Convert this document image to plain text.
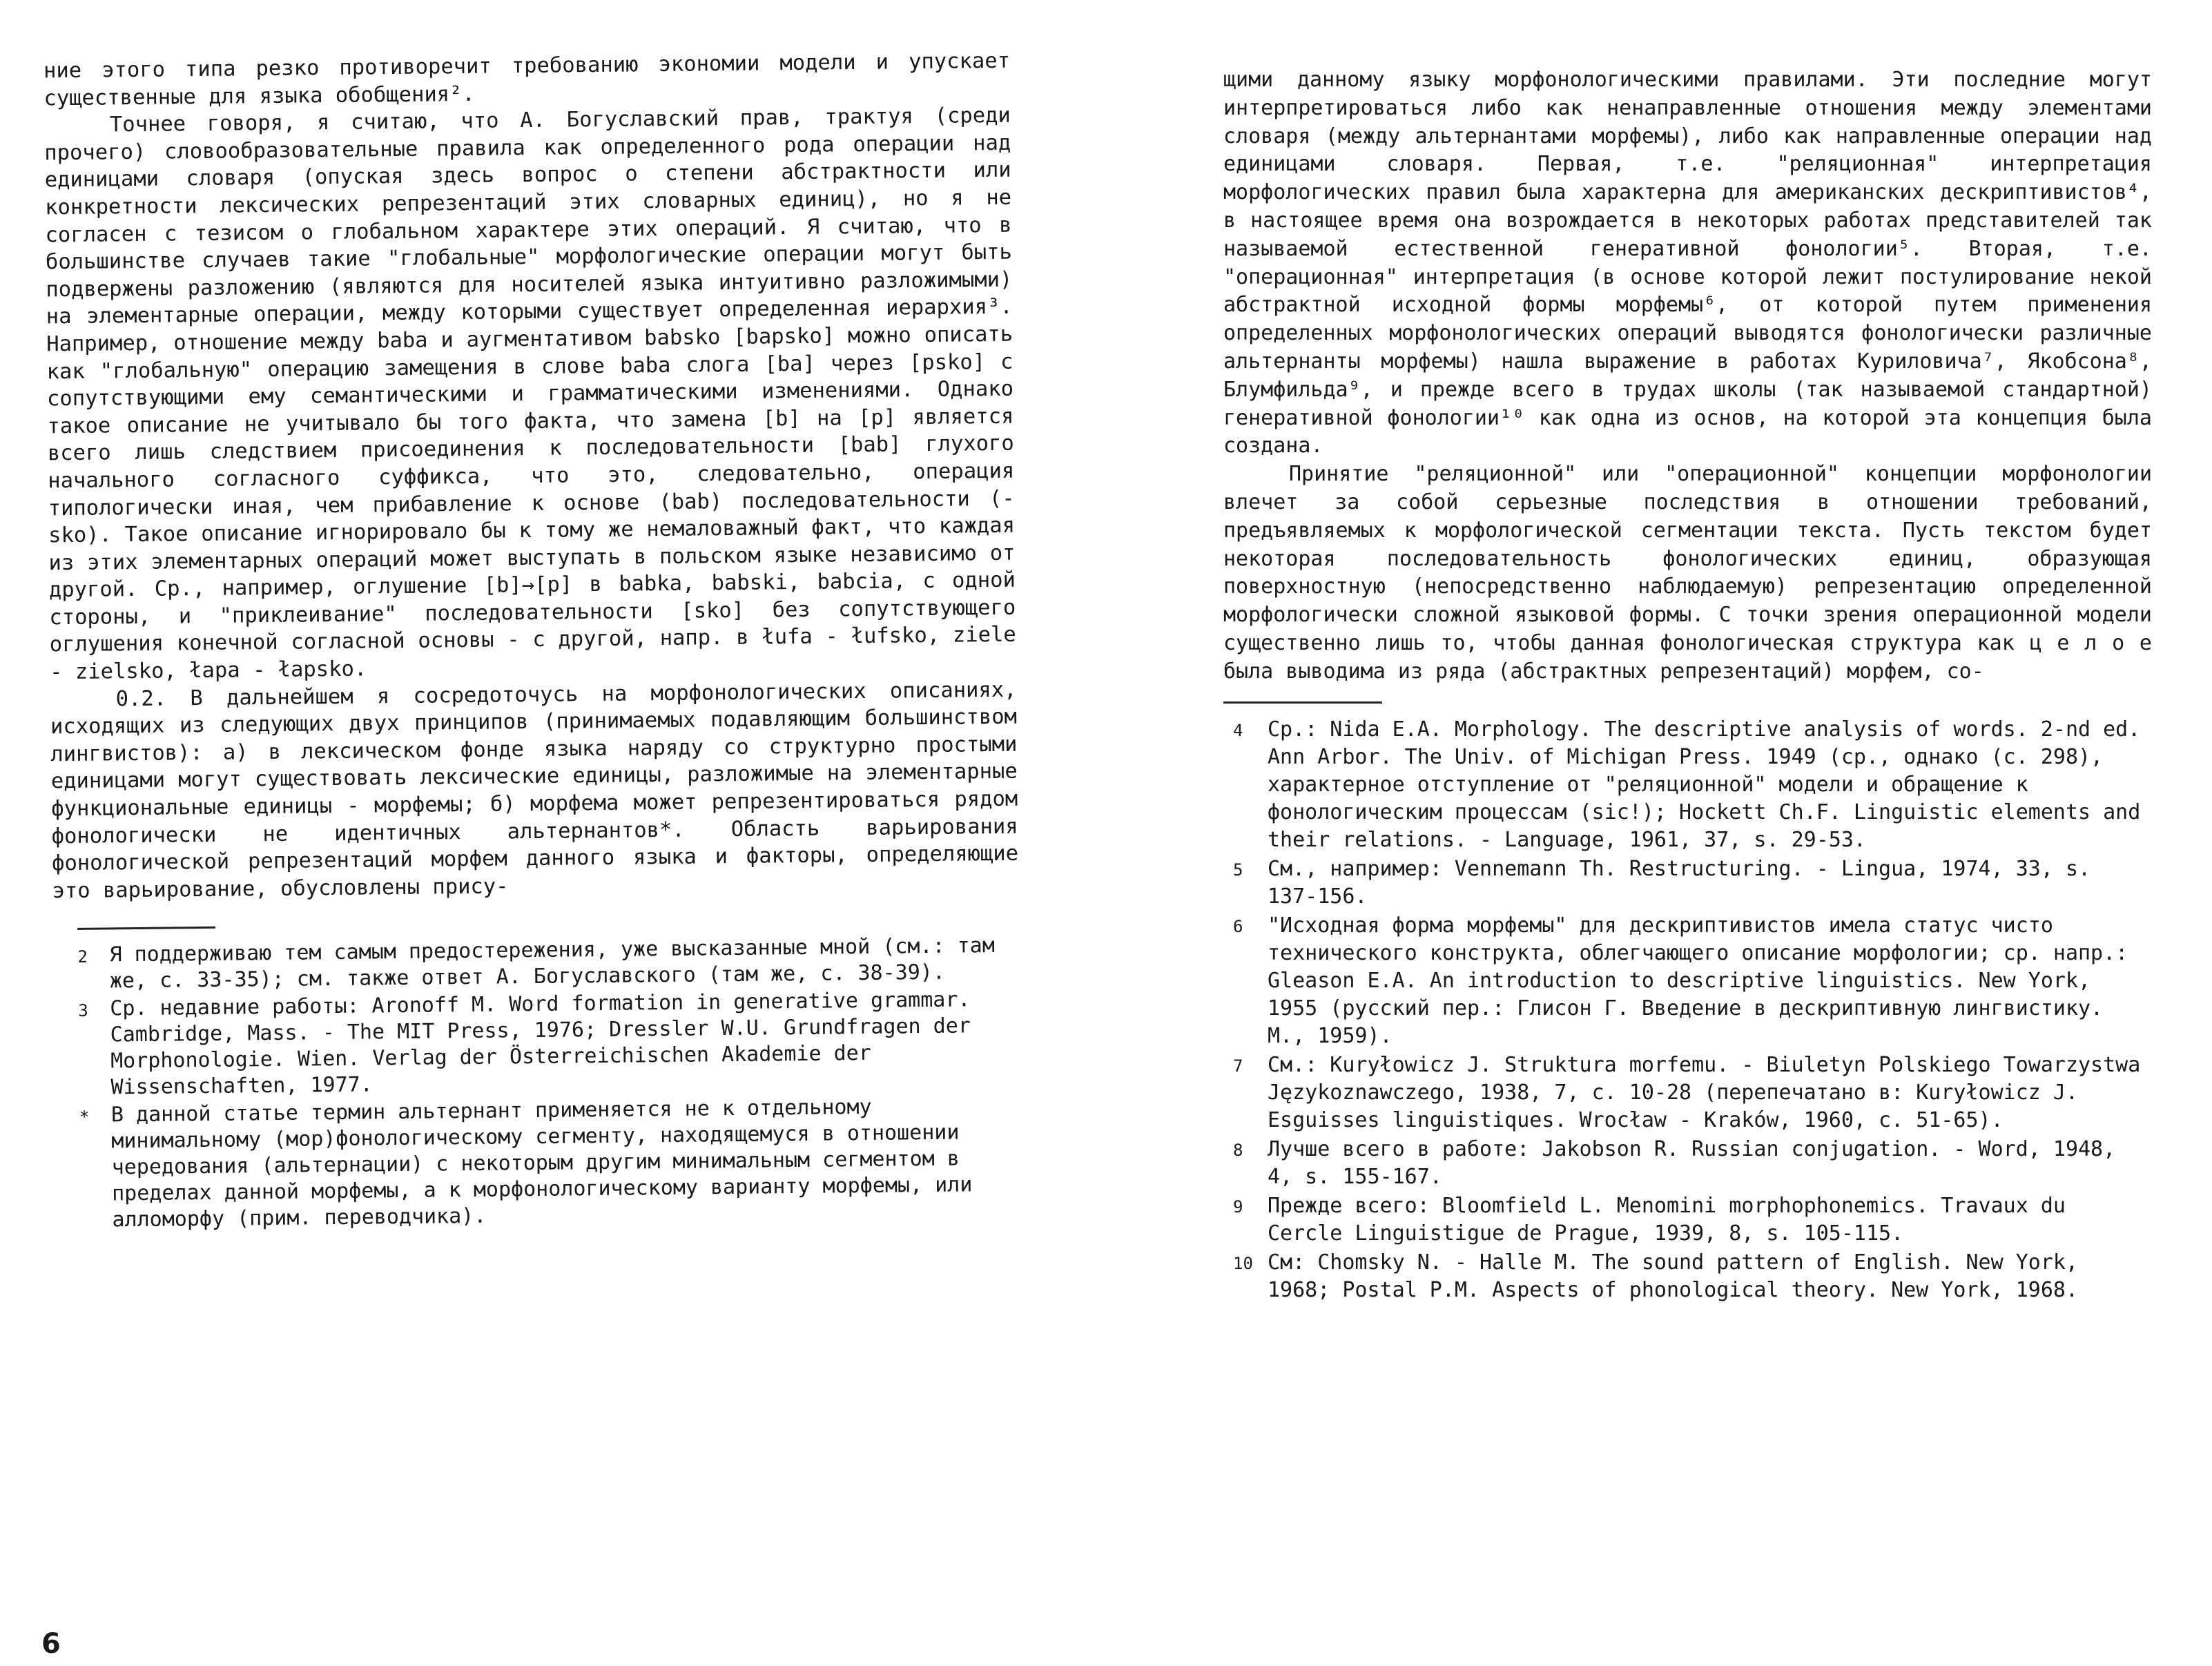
ние этого типа резко противоречит требованию экономии модели и упускает существенные для языка обобщения².

Точнее говоря, я считаю, что А. Богуславский прав, трактуя (среди прочего) словообразовательные правила как определенного рода операции над единицами словаря (опуская здесь вопрос о степени абстрактности или конкретности лексических репрезентаций этих словарных единиц), но я не согласен с тезисом о глобальном характере этих операций. Я считаю, что в большинстве случаев такие "глобальные" морфологические операции могут быть подвержены разложению (являются для носителей языка интуитивно разложимыми) на элементарные операции, между которыми существует определенная иерархия³. Например, отношение между baba и аугментативом babsko [bapsko] можно описать как "глобальную" операцию замещения в слове baba слога [ba] через [psko] с сопутствующими ему семантическими и грамматическими изменениями. Однако такое описание не учитывало бы того факта, что замена [b] на [p] является всего лишь следствием присоединения к последовательности [bab] глухого начального согласного суффикса, что это, следовательно, операция типологически иная, чем прибавление к основе (bab) последовательности (-sko). Такое описание игнорировало бы к тому же немаловажный факт, что каждая из этих элементарных операций может выступать в польском языке независимо от другой. Ср., например, оглушение [b]→[p] в babka, babski, babcia, с одной стороны, и "приклеивание" последовательности [sko] без сопутствующего оглушения конечной согласной основы - с другой, напр. в łufa - łufsko, ziele - zielsko, łapa - łapsko.

0.2. В дальнейшем я сосредоточусь на морфонологических описаниях, исходящих из следующих двух принципов (принимаемых подавляющим большинством лингвистов): а) в лексическом фонде языка наряду со структурно простыми единицами могут существовать лексические единицы, разложимые на элементарные функциональные единицы - морфемы; б) морфема может репрезентироваться рядом фонологически не идентичных альтернантов*. Область варьирования фонологической репрезентаций морфем данного языка и факторы, определяющие это варьирование, обусловлены прису-

2	Я поддерживаю тем самым предостережения, уже высказанные мной (см.: там же, с. 33-35); см. также ответ А. Богуславского (там же, с. 38-39).
3	Ср. недавние работы: Aronoff M. Word formation in generative grammar. Cambridge, Mass. - The MIT Press, 1976; Dressler W.U. Grundfragen der Morphonologie. Wien. Verlag der Österreichischen Akademie der Wissenschaften, 1977.
*	В данной статье термин альтернант применяется не к отдельному минимальному (мор)фонологическому сегменту, находящемуся в отношении чередования (альтернации) с некоторым другим минимальным сегментом в пределах данной морфемы, а к морфонологическому варианту морфемы, или алломорфу (прим. переводчика).
6

щими данному языку морфонологическими правилами. Эти последние могут интерпретироваться либо как ненаправленные отношения между элементами словаря (между альтернантами морфемы), либо как направленные операции над единицами словаря. Первая, т.е. "реляционная" интерпретация морфологических правил была характерна для американских дескриптивистов⁴, в настоящее время она возрождается в некоторых работах представителей так называемой естественной генеративной фонологии⁵. Вторая, т.е. "операционная" интерпретация (в основе которой лежит постулирование некой абстрактной исходной формы морфемы⁶, от которой путем применения определенных морфонологических операций выводятся фонологически различные альтернанты морфемы) нашла выражение в работах Куриловича⁷, Якобсона⁸, Блумфильда⁹, и прежде всего в трудах школы (так называемой стандартной) генеративной фонологии¹⁰ как одна из основ, на которой эта концепция была создана.

Принятие "реляционной" или "операционной" концепции морфонологии влечет за собой серьезные последствия в отношении требований, предъявляемых к морфологической сегментации текста. Пусть текстом будет некоторая последовательность фонологических единиц, образующая поверхностную (непосредственно наблюдаемую) репрезентацию определенной морфологически сложной языковой формы. С точки зрения операционной модели существенно лишь то, чтобы данная фонологическая структура как ц е л о е была выводима из ряда (абстрактных репрезентаций) морфем, со-

4	Ср.: Nida E.A. Morphology. The descriptive analysis of words. 2-nd ed. Ann Arbor. The Univ. of Michigan Press. 1949 (ср., однако (с. 298), характерное отступление от "реляционной" модели и обращение к фонологическим процессам (sic!); Hockett Ch.F. Linguistic elements and their relations. - Language, 1961, 37, s. 29-53.
5	См., например: Vennemann Th. Restructuring. - Lingua, 1974, 33, s. 137-156.
6	"Исходная форма морфемы" для дескриптивистов имела статус чисто технического конструкта, облегчающего описание морфологии; ср. напр.: Gleason E.A. An introduction to descriptive linguistics. New York, 1955 (русский пер.: Глисон Г. Введение в дескриптивную лингвистику. М., 1959).
7	См.: Kuryłowicz J. Struktura morfemu. - Biuletyn Polskiego Towarzystwa Językoznawczego, 1938, 7, с. 10-28 (перепечатано в: Kuryłowicz J. Esguisses linguistiques. Wrocław - Kraków, 1960, с. 51-65).
8	Лучше всего в работе: Jakobson R. Russian conjugation. - Word, 1948, 4, s. 155-167.
9	Прежде всего: Bloomfield L. Menomini morphophonemics. Travaux du Cercle Linguistigue de Prague, 1939, 8, s. 105-115.
10 См: Chomsky N. - Halle M. The sound pattern of English. New York, 1968; Postal P.M. Aspects of phonological theory. New York, 1968.
